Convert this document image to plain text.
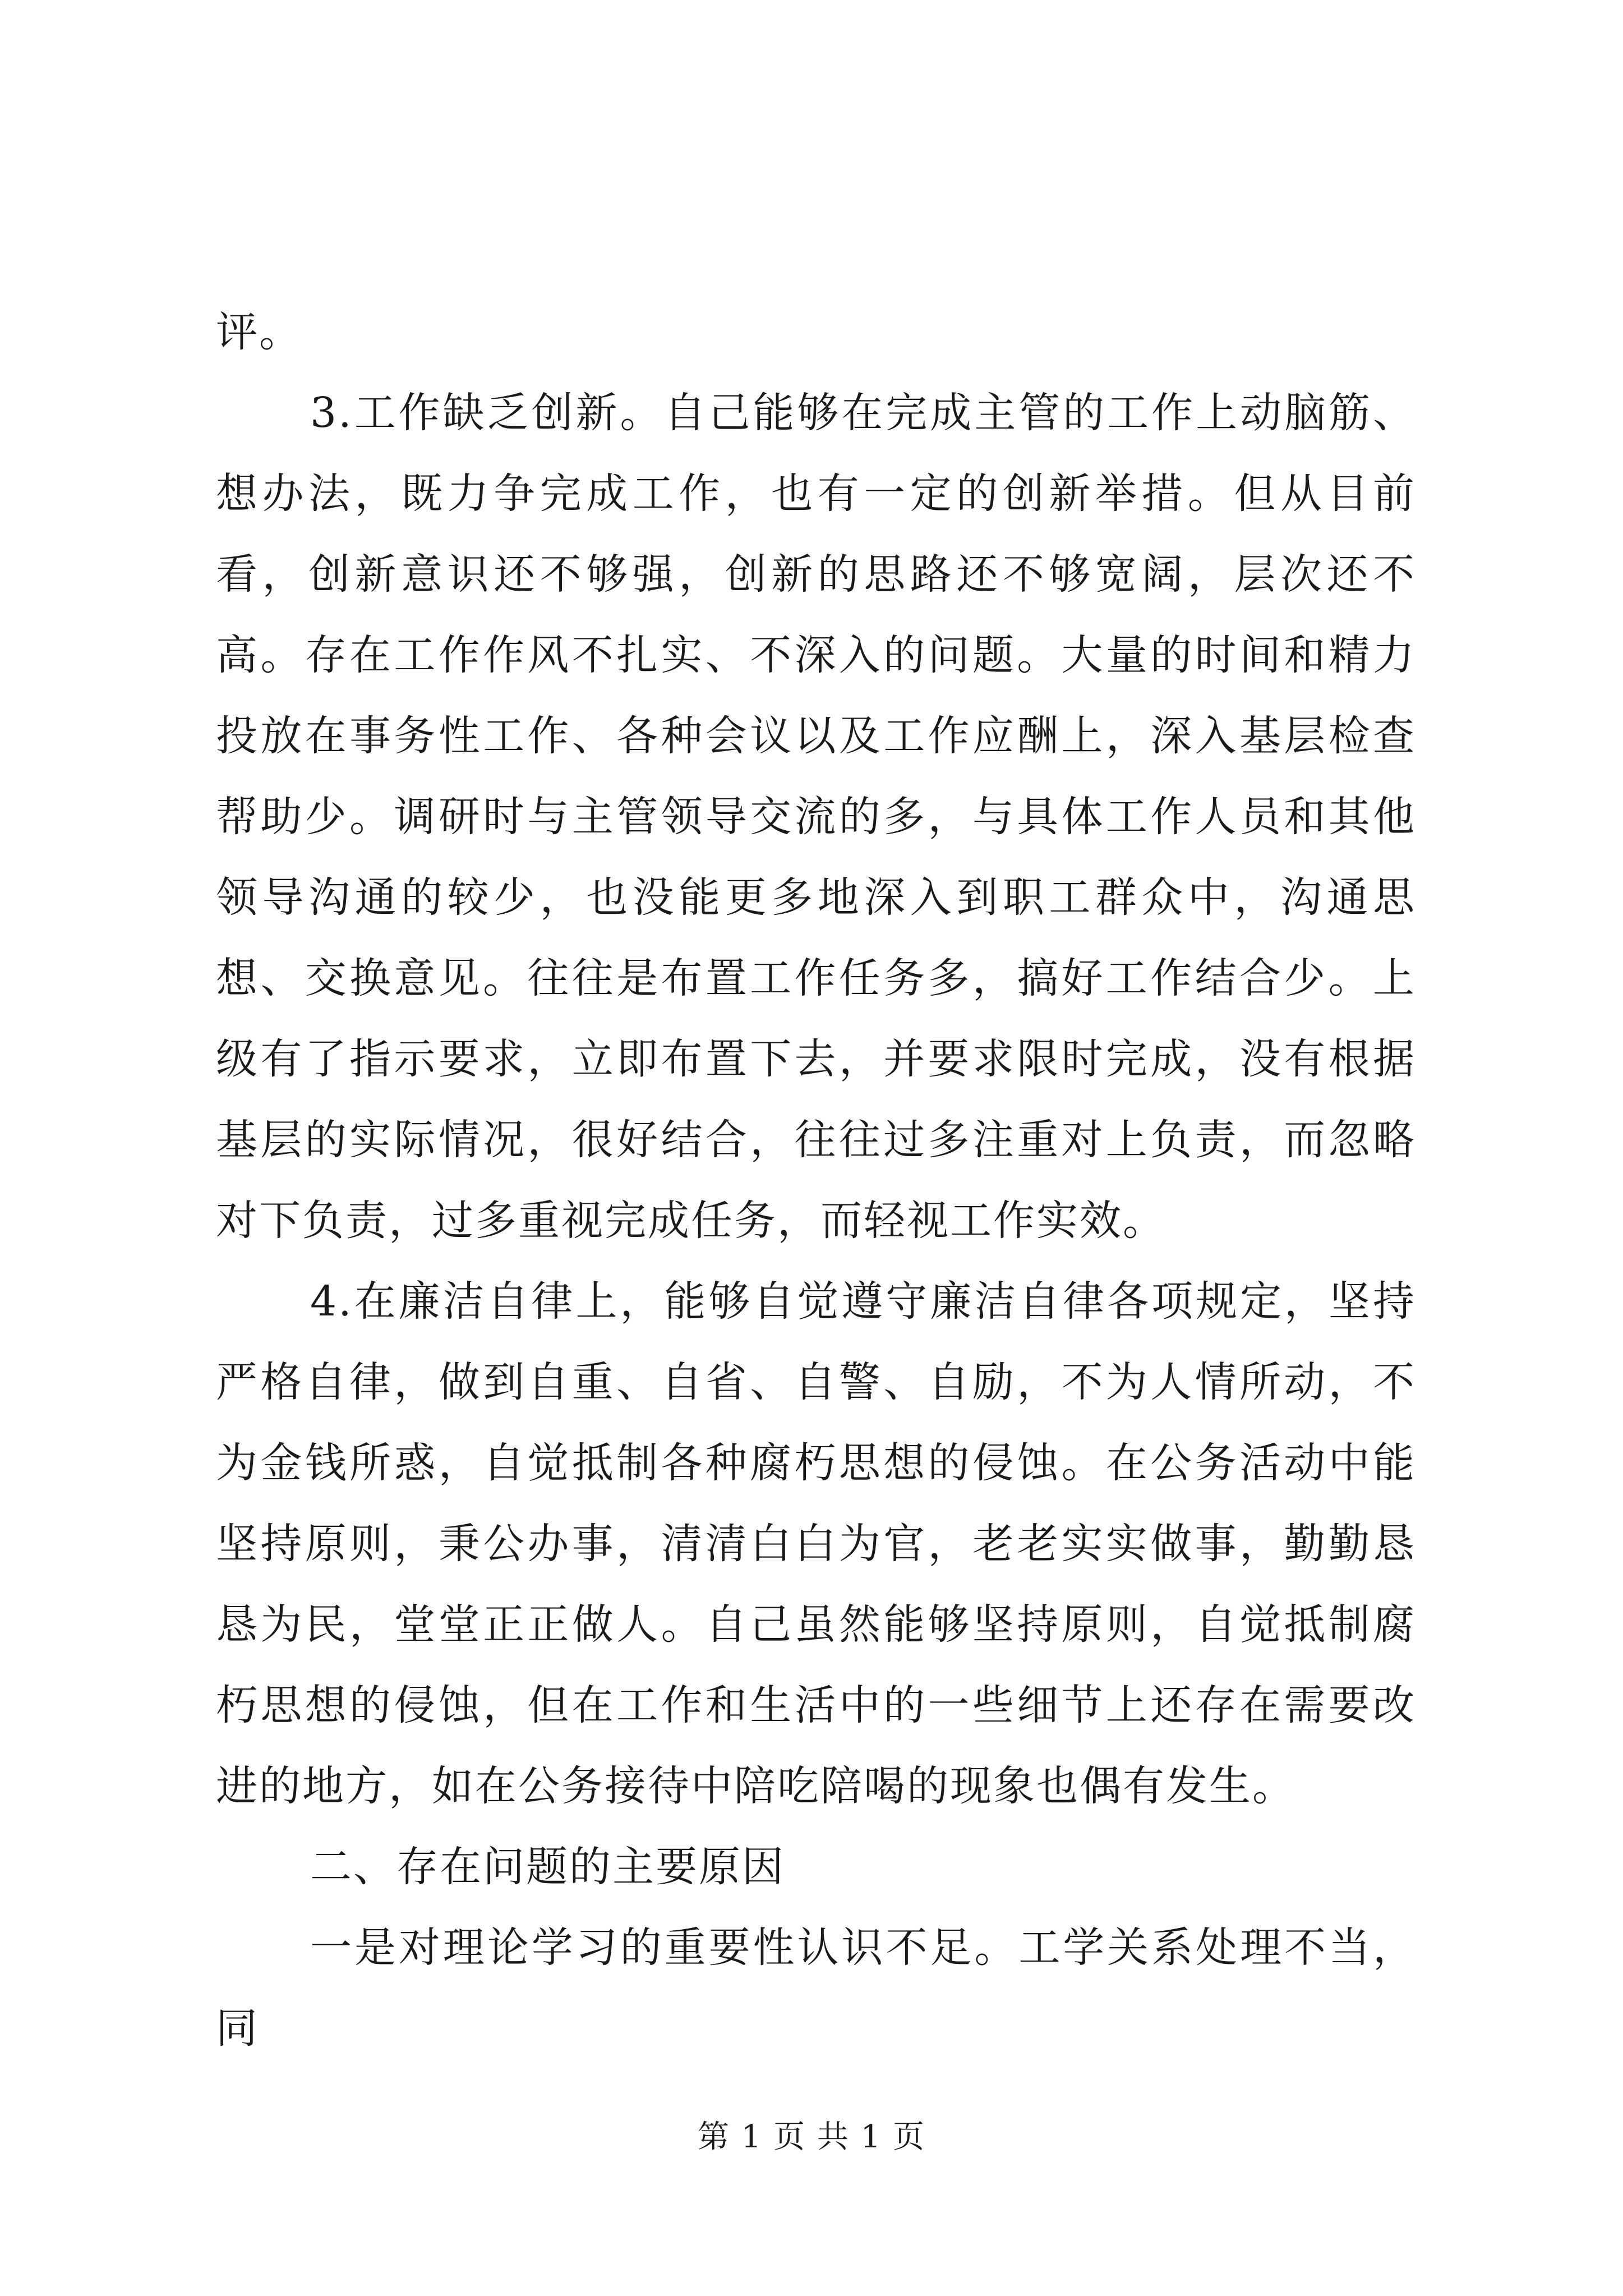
评。

3.工作缺乏创新。自己能够在完成主管的工作上动脑筋、想办法，既力争完成工作，也有一定的创新举措。但从目前看，创新意识还不够强，创新的思路还不够宽阔，层次还不高。存在工作作风不扎实、不深入的问题。大量的时间和精力投放在事务性工作、各种会议以及工作应酬上，深入基层检查帮助少。调研时与主管领导交流的多，与具体工作人员和其他领导沟通的较少，也没能更多地深入到职工群众中，沟通思想、交换意见。往往是布置工作任务多，搞好工作结合少。上级有了指示要求，立即布置下去，并要求限时完成，没有根据基层的实际情况，很好结合，往往过多注重对上负责，而忽略对下负责，过多重视完成任务，而轻视工作实效。

4.在廉洁自律上，能够自觉遵守廉洁自律各项规定，坚持严格自律，做到自重、自省、自警、自励，不为人情所动，不为金钱所惑，自觉抵制各种腐朽思想的侵蚀。在公务活动中能坚持原则，秉公办事，清清白白为官，老老实实做事，勤勤恳恳为民，堂堂正正做人。自己虽然能够坚持原则，自觉抵制腐朽思想的侵蚀，但在工作和生活中的一些细节上还存在需要改进的地方，如在公务接待中陪吃陪喝的现象也偶有发生。

二、存在问题的主要原因

一是对理论学习的重要性认识不足。工学关系处理不当，同

第 1 页 共 1 页
